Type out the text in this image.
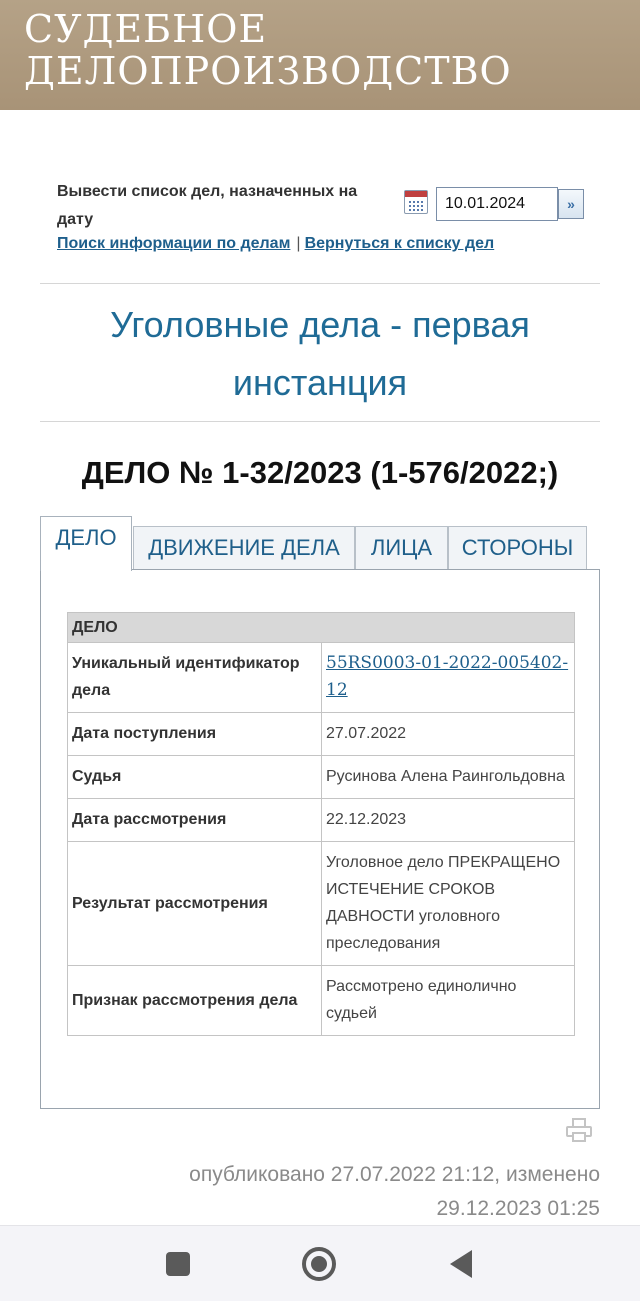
СУДЕБНОЕ
ДЕЛОПРОИЗВОДСТВО
Вывести список дел, назначенных на дату
10.01.2024
»
Поиск информации по делам | Вернуться к списку дел
Уголовные дела - первая инстанция
ДЕЛО № 1-32/2023 (1-576/2022;)
ДЕЛО	ДВИЖЕНИЕ ДЕЛА	ЛИЦА	СТОРОНЫ
ДЕЛО	
Уникальный идентификатор дела	55RS0003-01-2022-005402-12
Дата поступления	27.07.2022
Судья	Русинова Алена Раингольдовна
Дата рассмотрения	22.12.2023
Результат рассмотрения	Уголовное дело ПРЕКРАЩЕНО ИСТЕЧЕНИЕ СРОКОВ ДАВНОСТИ уголовного преследования
Признак рассмотрения дела	Рассмотрено единолично судьей
опубликовано 27.07.2022 21:12, изменено 29.12.2023 01:25
